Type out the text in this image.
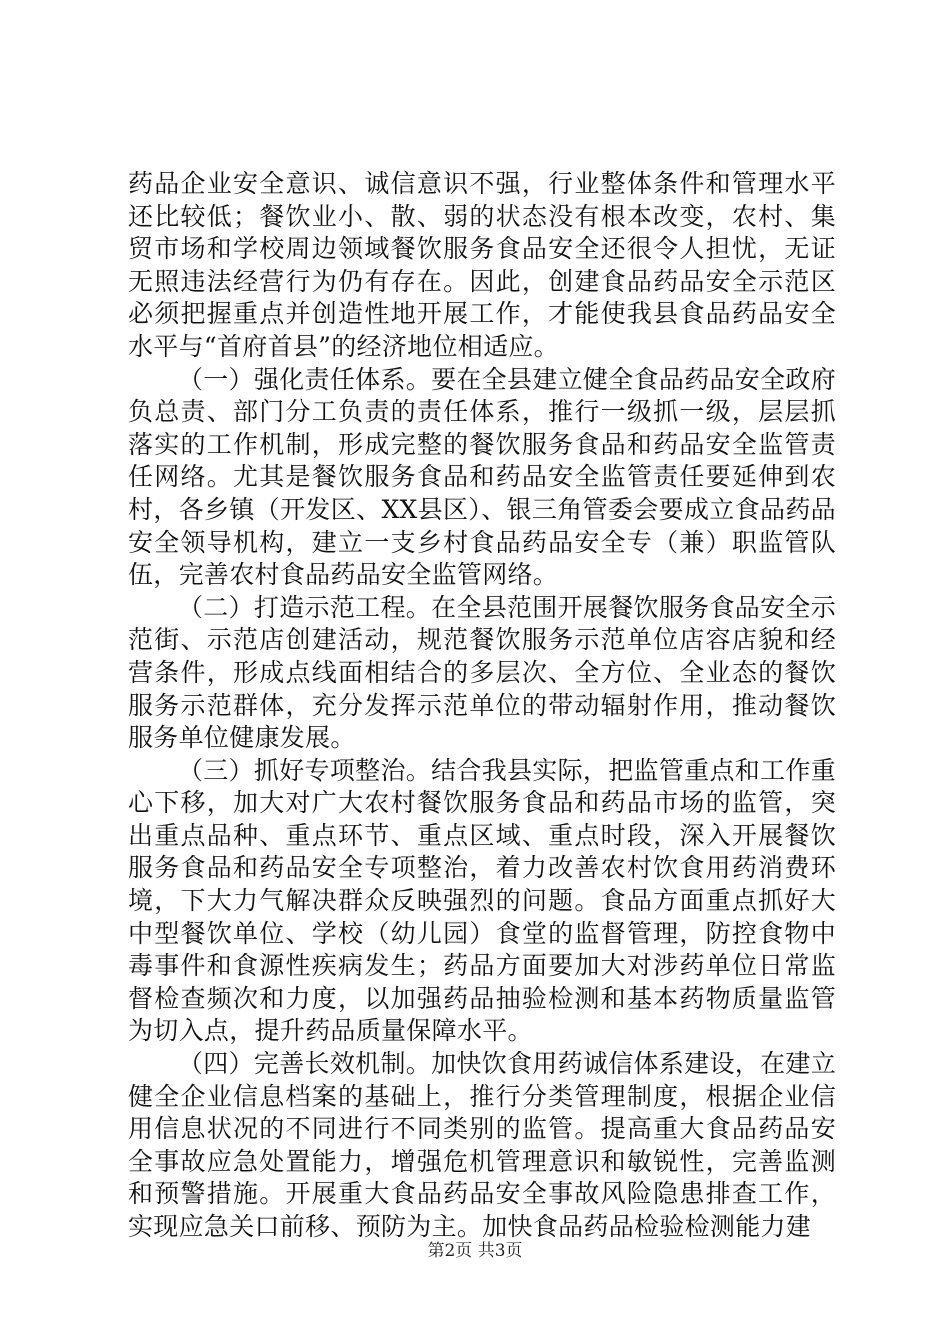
药品企业安全意识、诚信意识不强，行业整体条件和管理水平还比较低；餐饮业小、散、弱的状态没有根本改变，农村、集贸市场和学校周边领域餐饮服务食品安全还很令人担忧，无证无照违法经营行为仍有存在。因此，创建食品药品安全示范区必须把握重点并创造性地开展工作，才能使我县食品药品安全水平与“首府首县”的经济地位相适应。

（一）强化责任体系。要在全县建立健全食品药品安全政府负总责、部门分工负责的责任体系，推行一级抓一级，层层抓落实的工作机制，形成完整的餐饮服务食品和药品安全监管责任网络。尤其是餐饮服务食品和药品安全监管责任要延伸到农村，各乡镇（开发区、XX县区）、银三角管委会要成立食品药品安全领导机构，建立一支乡村食品药品安全专（兼）职监管队伍，完善农村食品药品安全监管网络。

（二）打造示范工程。在全县范围开展餐饮服务食品安全示范街、示范店创建活动，规范餐饮服务示范单位店容店貌和经营条件，形成点线面相结合的多层次、全方位、全业态的餐饮服务示范群体，充分发挥示范单位的带动辐射作用，推动餐饮服务单位健康发展。

（三）抓好专项整治。结合我县实际，把监管重点和工作重心下移，加大对广大农村餐饮服务食品和药品市场的监管，突出重点品种、重点环节、重点区域、重点时段，深入开展餐饮服务食品和药品安全专项整治，着力改善农村饮食用药消费环境，下大力气解决群众反映强烈的问题。食品方面重点抓好大中型餐饮单位、学校（幼儿园）食堂的监督管理，防控食物中毒事件和食源性疾病发生；药品方面要加大对涉药单位日常监督检查频次和力度，以加强药品抽验检测和基本药物质量监管为切入点，提升药品质量保障水平。

（四）完善长效机制。加快饮食用药诚信体系建设，在建立健全企业信息档案的基础上，推行分类管理制度，根据企业信用信息状况的不同进行不同类别的监管。提高重大食品药品安全事故应急处置能力，增强危机管理意识和敏锐性，完善监测和预警措施。开展重大食品药品安全事故风险隐患排查工作，实现应急关口前移、预防为主。加快食品药品检验检测能力建

第2页 共3页
